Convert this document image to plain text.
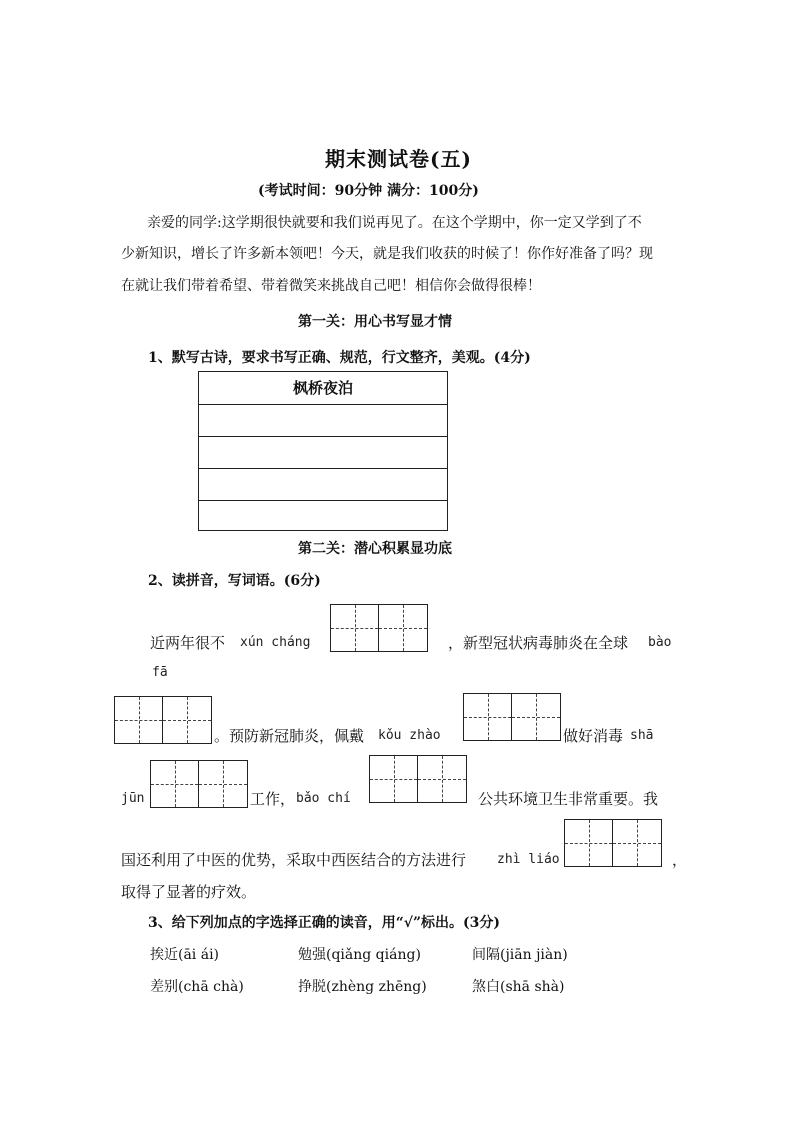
期末测试卷(五)
(考试时间：90分钟 满分：100分)
亲爱的同学:这学期很快就要和我们说再见了。在这个学期中，你一定又学到了不
少新知识，增长了许多新本领吧！今天，就是我们收获的时候了！你作好准备了吗？现
在就让我们带着希望、带着微笑来挑战自己吧！相信你会做得很棒！
第一关：用心书写显才情
1、默写古诗，要求书写正确、规范，行文整齐，美观。(4分)
枫桥夜泊
第二关：潜心积累显功底
2、读拼音，写词语。(6分)
近两年很不 xún cháng	，新型冠状病毒肺炎在全球 bào
fā
。预防新冠肺炎，佩戴 kǒu zhào	做好消毒 shā
jūn	工作， bǎo chí	公共环境卫生非常重要。我
国还利用了中医的优势，采取中西医结合的方法进行 zhì liáo	，
取得了显著的疗效。
3、给下列加点的字选择正确的读音，用“√”标出。(3分)
挨近(āi ái)	勉强(qiǎng qiáng)	间隔(jiān jiàn)
差别(chā chà)	挣脱(zhèng zhēng)	煞白(shā shà)
